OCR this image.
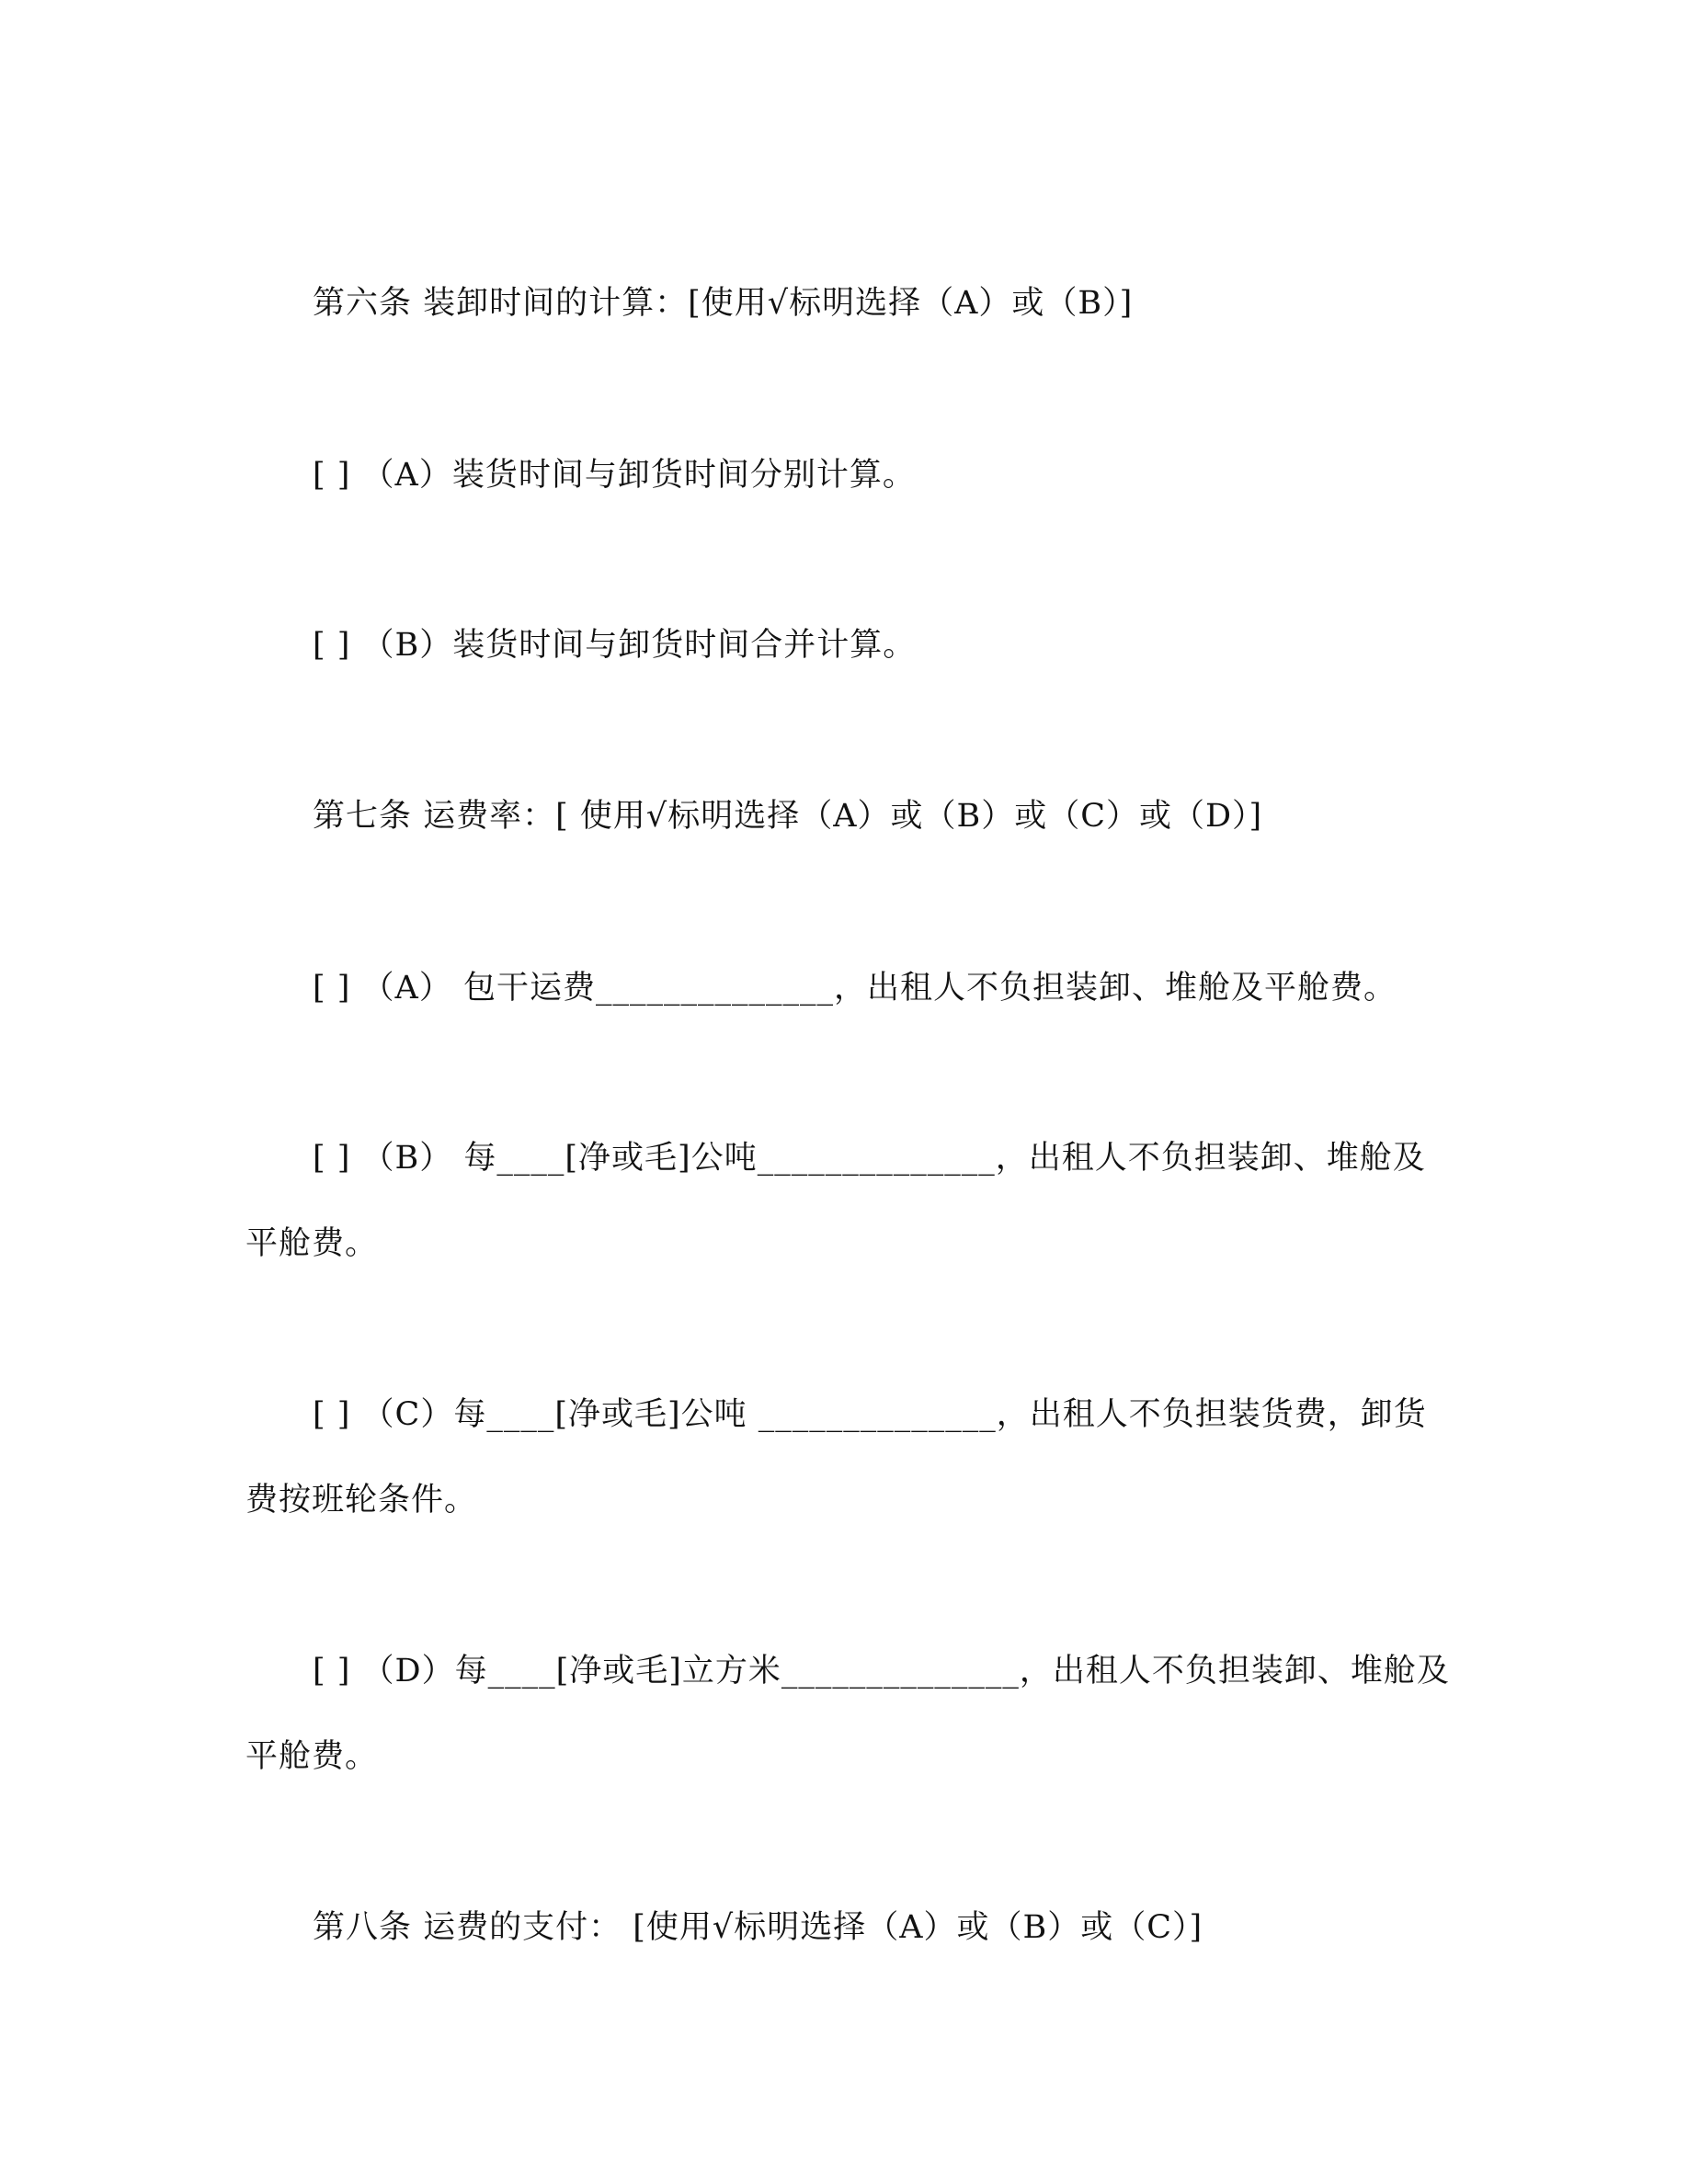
第六条 装卸时间的计算：[使用√标明选择（A）或（B）]
[ ] （A）装货时间与卸货时间分别计算。
[ ] （B）装货时间与卸货时间合并计算。
第七条 运费率：[ 使用√标明选择（A）或（B）或（C）或（D）]
[ ] （A） 包干运费______________，出租人不负担装卸、堆舱及平舱费。
[ ] （B） 每____[净或毛]公吨______________，出租人不负担装卸、堆舱及
平舱费。
[ ] （C）每____[净或毛]公吨 ______________，出租人不负担装货费，卸货
费按班轮条件。
[ ] （D）每____[净或毛]立方米______________，出租人不负担装卸、堆舱及
平舱费。
第八条 运费的支付： [使用√标明选择（A）或（B）或（C）]
